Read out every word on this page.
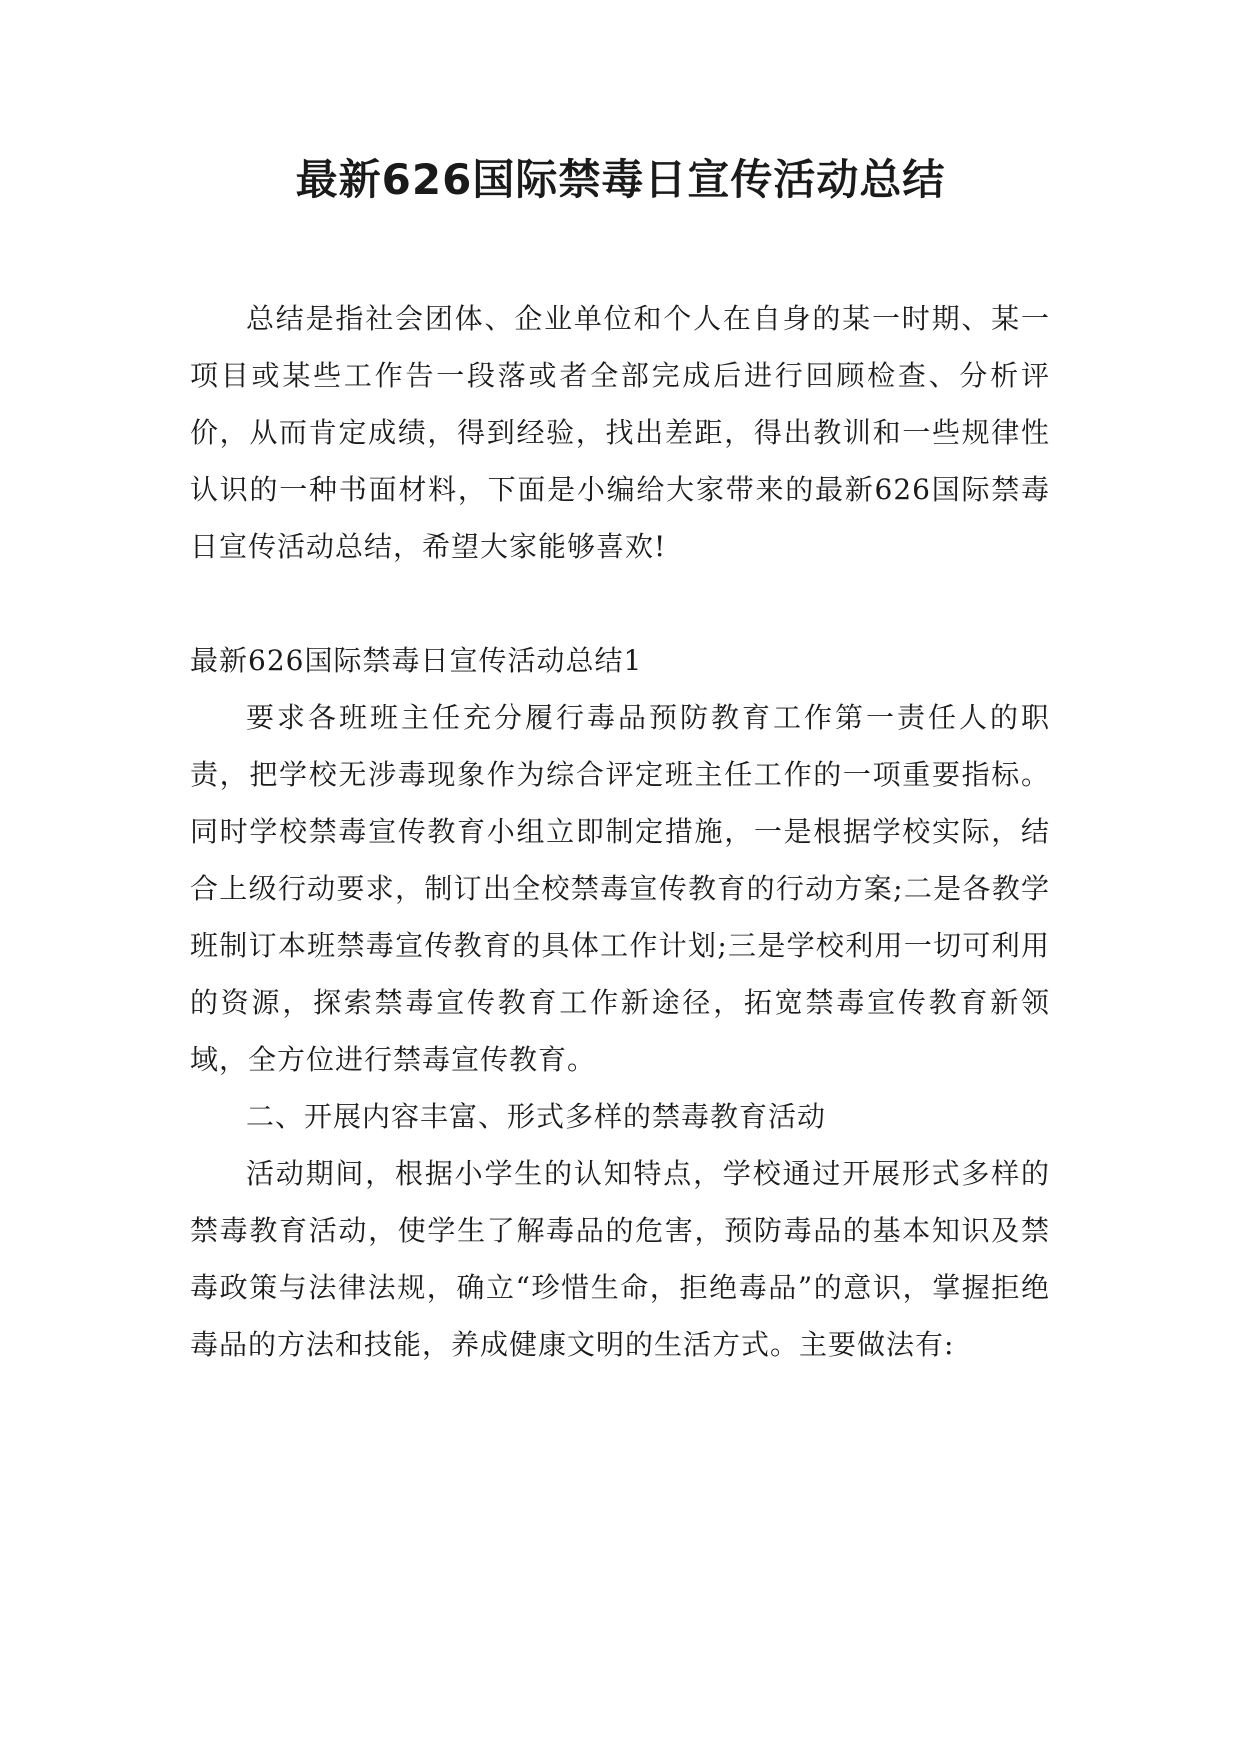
最新626国际禁毒日宣传活动总结

总结是指社会团体、企业单位和个人在自身的某一时期、某一项目或某些工作告一段落或者全部完成后进行回顾检查、分析评价，从而肯定成绩，得到经验，找出差距，得出教训和一些规律性认识的一种书面材料，下面是小编给大家带来的最新626国际禁毒日宣传活动总结，希望大家能够喜欢!

最新626国际禁毒日宣传活动总结1

要求各班班主任充分履行毒品预防教育工作第一责任人的职责，把学校无涉毒现象作为综合评定班主任工作的一项重要指标。同时学校禁毒宣传教育小组立即制定措施，一是根据学校实际，结合上级行动要求，制订出全校禁毒宣传教育的行动方案;二是各教学班制订本班禁毒宣传教育的具体工作计划;三是学校利用一切可利用的资源，探索禁毒宣传教育工作新途径，拓宽禁毒宣传教育新领域，全方位进行禁毒宣传教育。

二、开展内容丰富、形式多样的禁毒教育活动

活动期间，根据小学生的认知特点，学校通过开展形式多样的禁毒教育活动，使学生了解毒品的危害，预防毒品的基本知识及禁毒政策与法律法规，确立“珍惜生命，拒绝毒品”的意识，掌握拒绝毒品的方法和技能，养成健康文明的生活方式。主要做法有:
